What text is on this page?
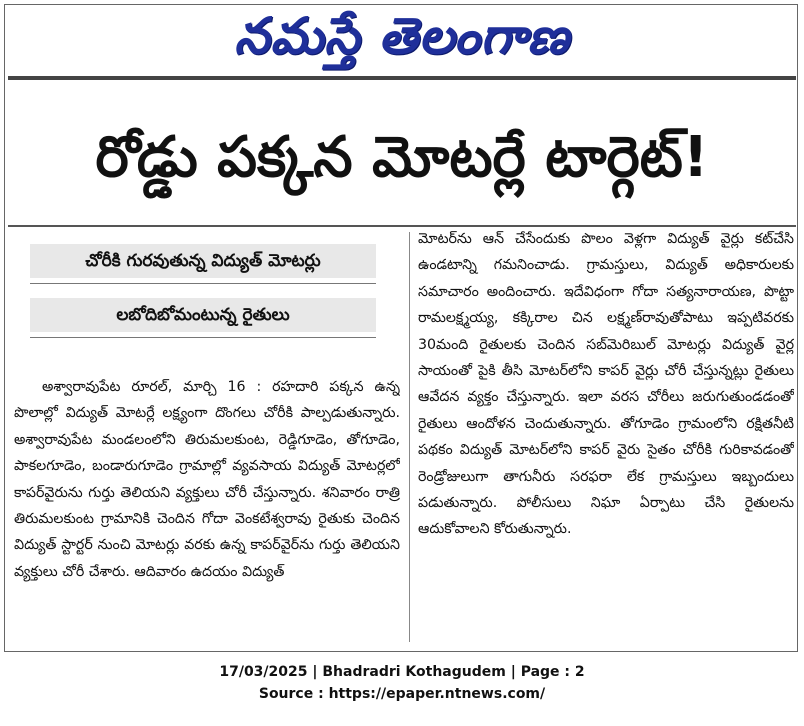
నమస్తే తెలంగాణ
రోడ్డు పక్కన మోటర్లే టార్గెట్!
చోరీకి గురవుతున్న విద్యుత్ మోటర్లు
లబోదిబోమంటున్న రైతులు

అశ్వారావుపేట రూరల్, మార్చి 16 : రహదారి పక్కన ఉన్న పొలాల్లో విద్యుత్ మోటర్లే లక్ష్యంగా దొంగలు చోరీకి పాల్పడుతున్నారు. అశ్వారావుపేట మండలంలోని తిరుమలకుంట, రెడ్డిగూడెం, తోగూడెం, పాకలగూడెం, బండారుగూడెం గ్రామాల్లో వ్యవసాయ విద్యుత్ మోటర్లలో కాపర్‌వైరును గుర్తు తెలియని వ్యక్తులు చోరీ చేస్తున్నారు. శనివారం రాత్రి తిరుమలకుంట గ్రామానికి చెందిన గోదా వెంకటేశ్వరావు రైతుకు చెందిన విద్యుత్ స్టార్టర్ నుంచి మోటర్లు వరకు ఉన్న కాపర్‌వైర్‌ను గుర్తు తెలియని వ్యక్తులు చోరీ చేశారు. ఆదివారం ఉదయం విద్యుత్

మోటర్‌ను ఆన్ చేసేందుకు పొలం వెళ్లగా విద్యుత్ వైర్లు కట్‌చేసి ఉండటాన్ని గమనించాడు. గ్రామస్తులు, విద్యుత్ అధికారులకు సమాచారం అందించారు. ఇదేవిధంగా గోదా సత్యనారాయణ, పొట్టా రామలక్ష్మయ్య, కక్కిరాల చిన లక్ష్మణ్‌రావుతోపాటు ఇప్పటివరకు 30మంది రైతులకు చెందిన సబ్‌మెరిబుల్ మోటర్లు విద్యుత్ వైర్ల సాయంతో పైకి తీసి మోటర్‌లోని కాపర్ వైర్లు చోరీ చేస్తున్నట్లు రైతులు ఆవేదన వ్యక్తం చేస్తున్నారు. ఇలా వరస చోరీలు జరుగుతుండడంతో రైతులు ఆందోళన చెందుతున్నారు. తోగూడెం గ్రామంలోని రక్షితనీటి పథకం విద్యుత్ మోటర్‌లోని కాపర్ వైరు సైతం చోరీకి గురికావడంతో రెండ్రోజులుగా తాగునీరు సరఫరా లేక గ్రామస్తులు ఇబ్బందులు పడుతున్నారు. పోలీసులు నిఘా ఏర్పాటు చేసి రైతులను ఆదుకోవాలని కోరుతున్నారు.

17/03/2025 | Bhadradri Kothagudem | Page : 2
Source : https://epaper.ntnews.com/
